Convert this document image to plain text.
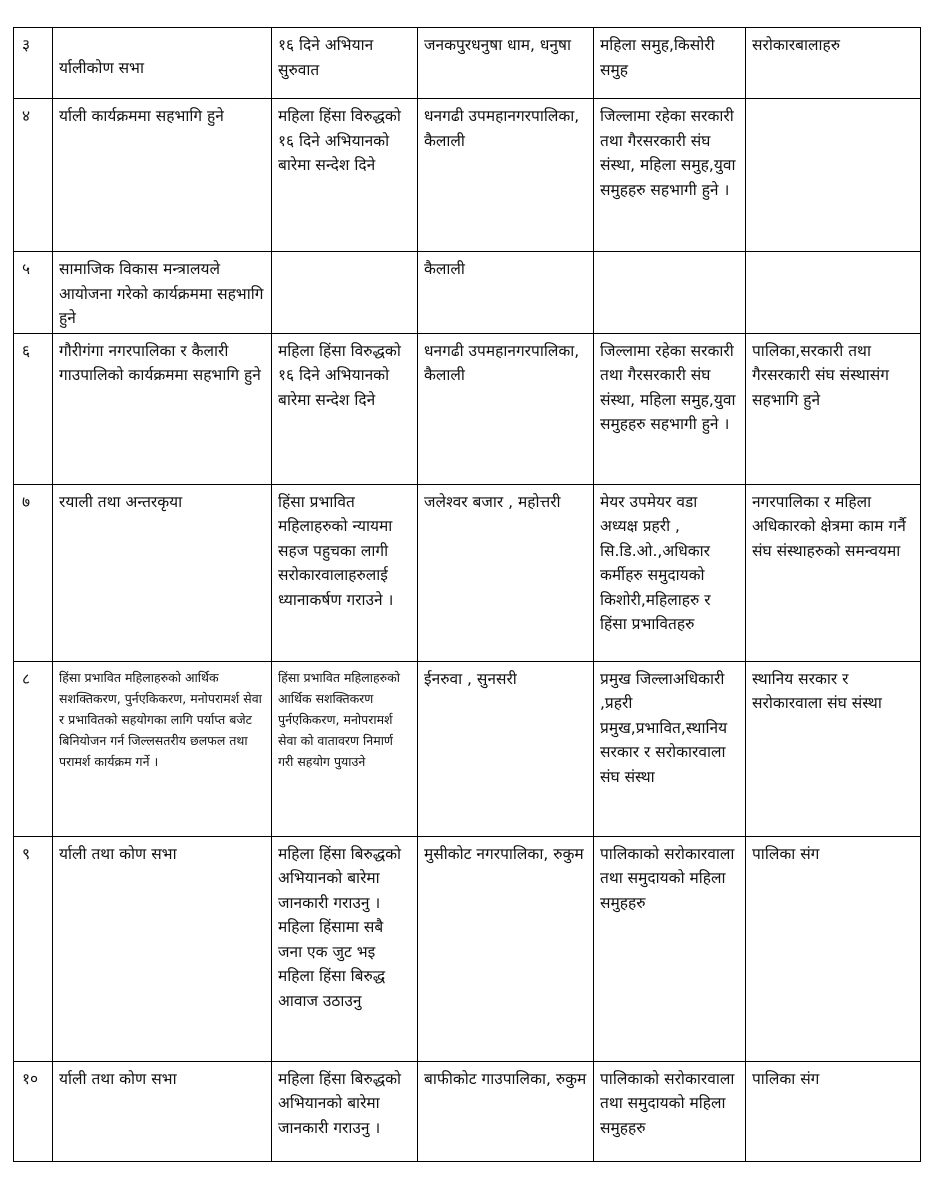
३	र्यालीकोण सभा	१६ दिने अभियान सुरुवात	जनकपुरधनुषा धाम, धनुषा	महिला समुह,किसोरी समुह	सरोकारबालाहरु
४	र्याली कार्यक्रममा सहभागि हुने	महिला हिंसा विरुद्धको १६ दिने अभियानको बारेमा सन्देश दिने	धनगढी उपमहानगरपालिका, कैलाली	जिल्लामा रहेका सरकारी तथा गैरसरकारी संघ संस्था, महिला समुह,युवा समुहहरु सहभागी हुने ।	
५	सामाजिक विकास मन्त्रालयले आयोजना गरेको कार्यक्रममा सहभागि हुने		कैलाली		
६	गौरीगंगा नगरपालिका र कैलारी गाउपालिको कार्यक्रममा सहभागि हुने	महिला हिंसा विरुद्धको १६ दिने अभियानको बारेमा सन्देश दिने	धनगढी उपमहानगरपालिका, कैलाली	जिल्लामा रहेका सरकारी तथा गैरसरकारी संघ संस्था, महिला समुह,युवा समुहहरु सहभागी हुने ।	पालिका,सरकारी तथा गैरसरकारी संघ संस्थासंग सहभागि हुने
७	रयाली तथा अन्तरकृया	हिंसा प्रभावित महिलाहरुको न्यायमा सहज पहुचका लागी सरोकारवालाहरुलाई ध्यानाकर्षण गराउने ।	जलेश्वर बजार , महोत्तरी	मेयर उपमेयर वडा अध्यक्ष प्रहरी , सि.डि.ओ.,अधिकार कर्मीहरु समुदायको किशोरी,महिलाहरु र हिंसा प्रभावितहरु	नगरपालिका र महिला अधिकारको क्षेत्रमा काम गर्नै संघ संस्थाहरुको समन्वयमा
८	हिंसा प्रभावित महिलाहरुको आर्थिक सशक्तिकरण, पुर्नएकिकरण, मनोपरामर्श सेवा र प्रभावितको सहयोगका लागि पर्याप्त बजेट बिनियोजन गर्न जिल्लसतरीय छलफल तथा परामर्श कार्यक्रम गर्ने ।	हिंसा प्रभावित महिलाहरुको आर्थिक सशक्तिकरण पुर्नएकिकरण, मनोपरामर्श सेवा को वातावरण निमार्ण गरी सहयोग पुयाउने	ईनरुवा , सुनसरी	प्रमुख जिल्लाअधिकारी ,प्रहरी प्रमुख,प्रभावित,स्थानिय सरकार र सरोकारवाला संघ संस्था	स्थानिय सरकार र सरोकारवाला संघ संस्था
९	र्याली तथा कोण सभा	महिला हिंसा बिरुद्धको अभियानको बारेमा जानकारी गराउनु । महिला हिंसामा सबै जना एक जुट भइ महिला हिंसा बिरुद्ध आवाज उठाउनु	मुसीकोट नगरपालिका, रुकुम	पालिकाको सरोकारवाला तथा समुदायको महिला समुहहरु	पालिका संग
१०	र्याली तथा कोण सभा	महिला हिंसा बिरुद्धको अभियानको बारेमा जानकारी गराउनु ।	बाफीकोट गाउपालिका, रुकुम	पालिकाको सरोकारवाला तथा समुदायको महिला समुहहरु	पालिका संग
